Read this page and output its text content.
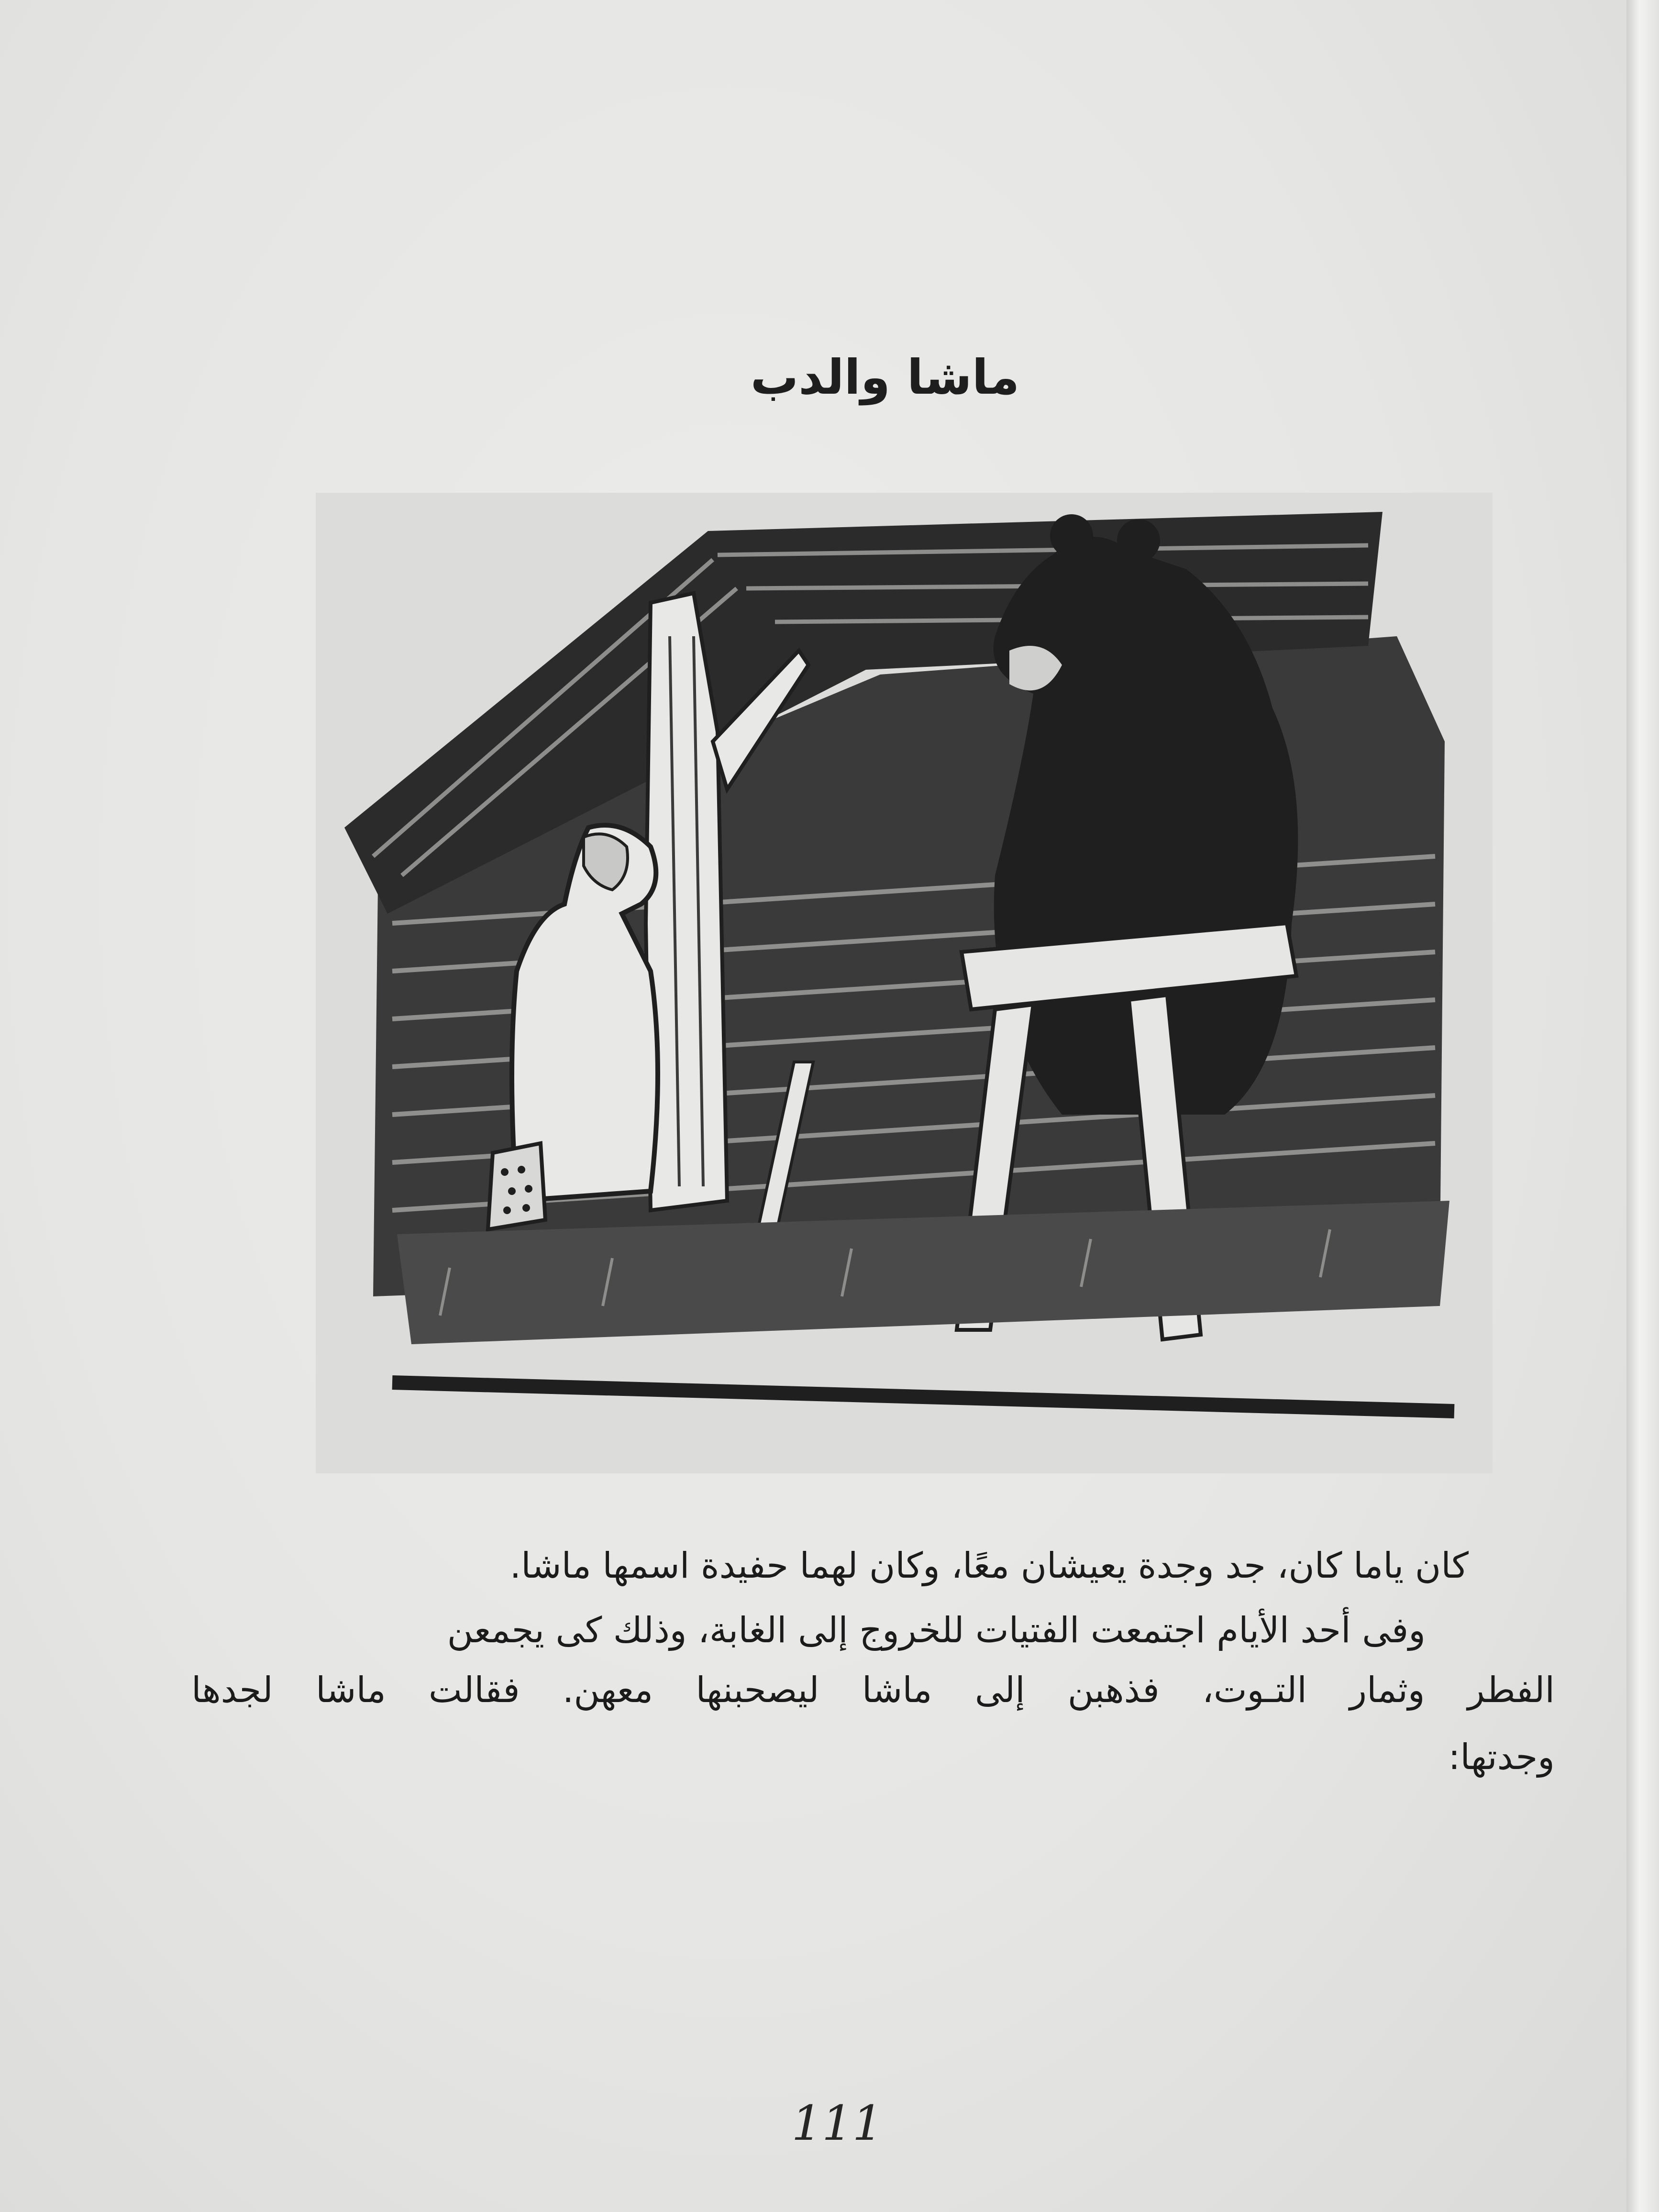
ماشا والدب
كان ياما كان، جد وجدة يعيشان معًا، وكان لهما حفيدة اسمها ماشا.
وفى أحد الأيام اجتمعت الفتيات للخروج إلى الغابة، وذلك كى يجمعن
الفطر وثمار التـوت، فذهبن إلى ماشا ليصحبنها معهن. فقالت ماشا لجدها
وجدتها:
111
